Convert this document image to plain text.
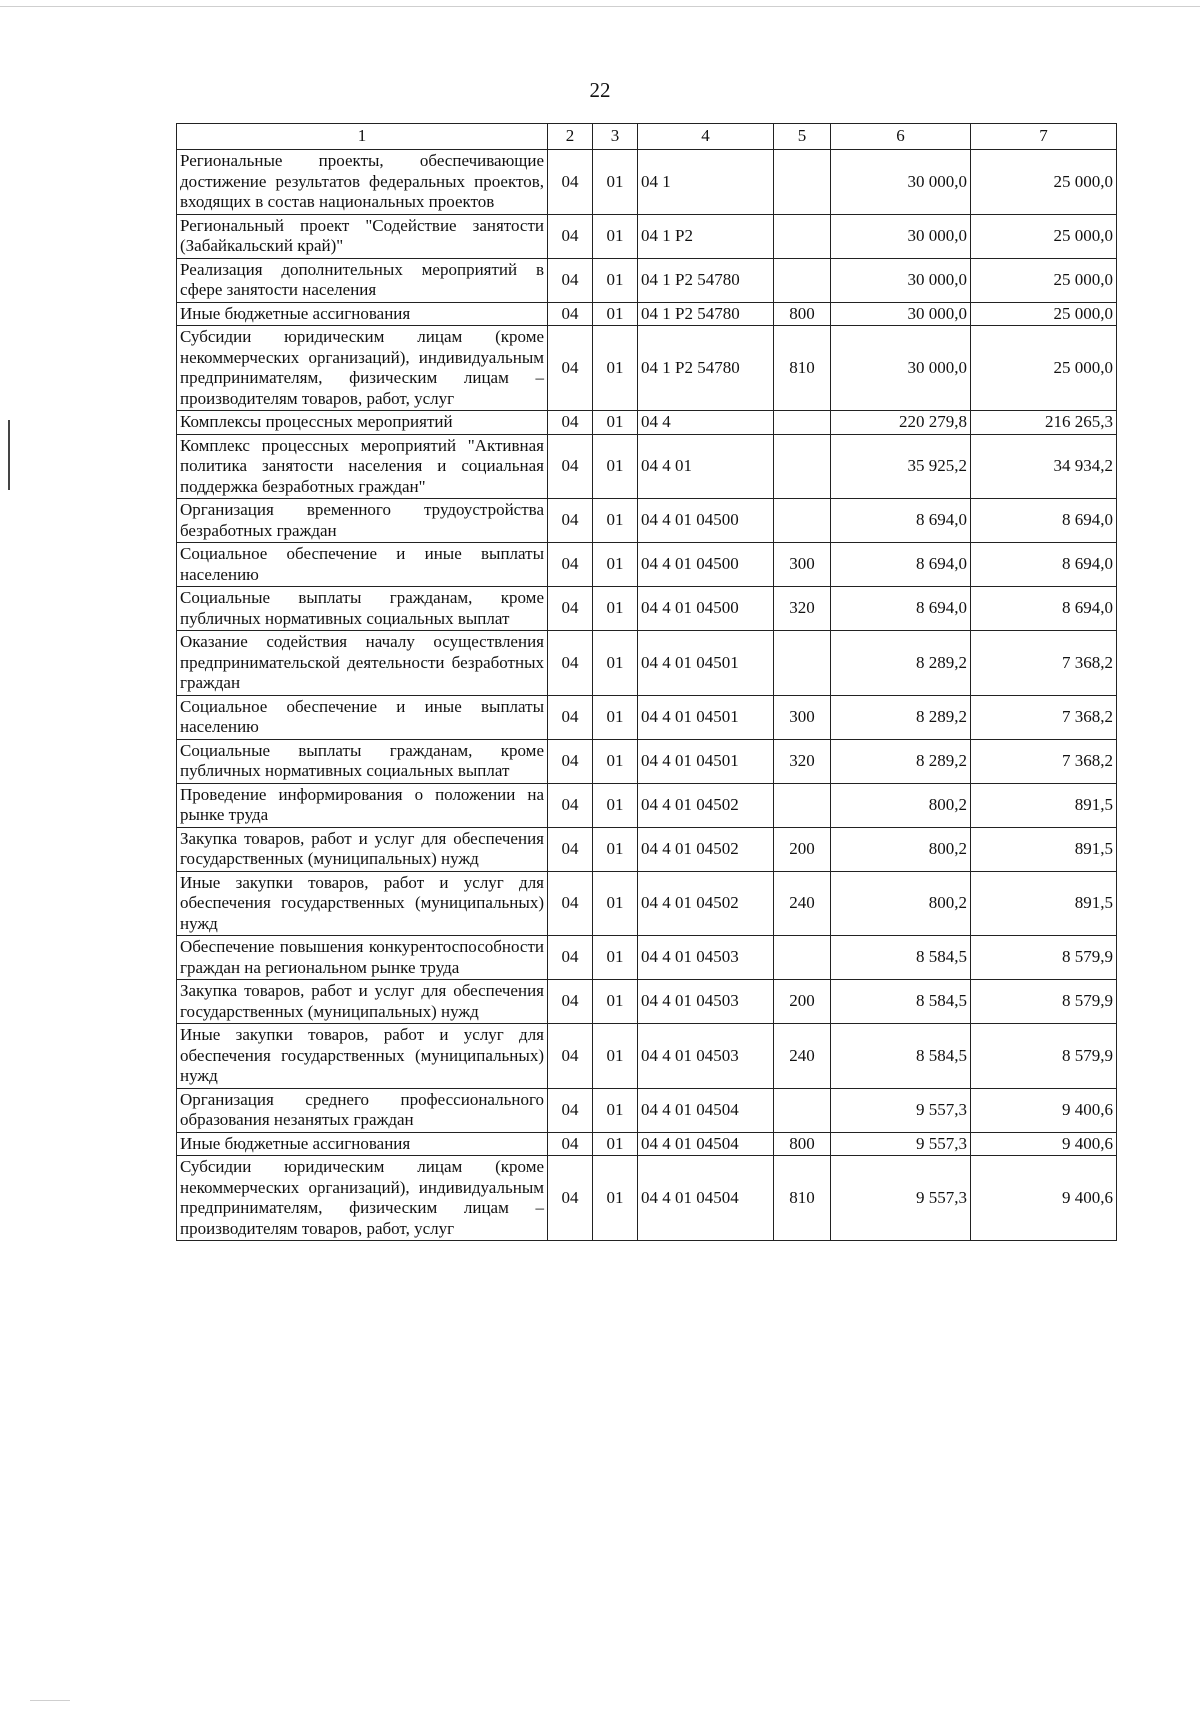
22
1	2	3	4	5	6	7
Региональные проекты, обеспечивающие достижение результатов федеральных проектов, входящих в состав национальных проектов	04	01	04 1		30 000,0	25 000,0
Региональный проект "Содействие занятости (Забайкальский край)"	04	01	04 1 Р2		30 000,0	25 000,0
Реализация дополнительных мероприятий в сфере занятости населения	04	01	04 1 Р2 54780		30 000,0	25 000,0
Иные бюджетные ассигнования	04	01	04 1 Р2 54780	800	30 000,0	25 000,0
Субсидии юридическим лицам (кроме некоммерческих организаций), индивидуальным предпринимателям, физическим лицам – производителям товаров, работ, услуг	04	01	04 1 Р2 54780	810	30 000,0	25 000,0
Комплексы процессных мероприятий	04	01	04 4		220 279,8	216 265,3
Комплекс процессных мероприятий "Активная политика занятости населения и социальная поддержка безработных граждан"	04	01	04 4 01		35 925,2	34 934,2
Организация временного трудоустройства безработных граждан	04	01	04 4 01 04500		8 694,0	8 694,0
Социальное обеспечение и иные выплаты населению	04	01	04 4 01 04500	300	8 694,0	8 694,0
Социальные выплаты гражданам, кроме публичных нормативных социальных выплат	04	01	04 4 01 04500	320	8 694,0	8 694,0
Оказание содействия началу осуществления предпринимательской деятельности безработных граждан	04	01	04 4 01 04501		8 289,2	7 368,2
Социальное обеспечение и иные выплаты населению	04	01	04 4 01 04501	300	8 289,2	7 368,2
Социальные выплаты гражданам, кроме публичных нормативных социальных выплат	04	01	04 4 01 04501	320	8 289,2	7 368,2
Проведение информирования о положении на рынке труда	04	01	04 4 01 04502		800,2	891,5
Закупка товаров, работ и услуг для обеспечения государственных (муниципальных) нужд	04	01	04 4 01 04502	200	800,2	891,5
Иные закупки товаров, работ и услуг для обеспечения государственных (муниципальных) нужд	04	01	04 4 01 04502	240	800,2	891,5
Обеспечение повышения конкурентоспособности граждан на региональном рынке труда	04	01	04 4 01 04503		8 584,5	8 579,9
Закупка товаров, работ и услуг для обеспечения государственных (муниципальных) нужд	04	01	04 4 01 04503	200	8 584,5	8 579,9
Иные закупки товаров, работ и услуг для обеспечения государственных (муниципальных) нужд	04	01	04 4 01 04503	240	8 584,5	8 579,9
Организация среднего профессионального образования незанятых граждан	04	01	04 4 01 04504		9 557,3	9 400,6
Иные бюджетные ассигнования	04	01	04 4 01 04504	800	9 557,3	9 400,6
Субсидии юридическим лицам (кроме некоммерческих организаций), индивидуальным предпринимателям, физическим лицам – производителям товаров, работ, услуг	04	01	04 4 01 04504	810	9 557,3	9 400,6
